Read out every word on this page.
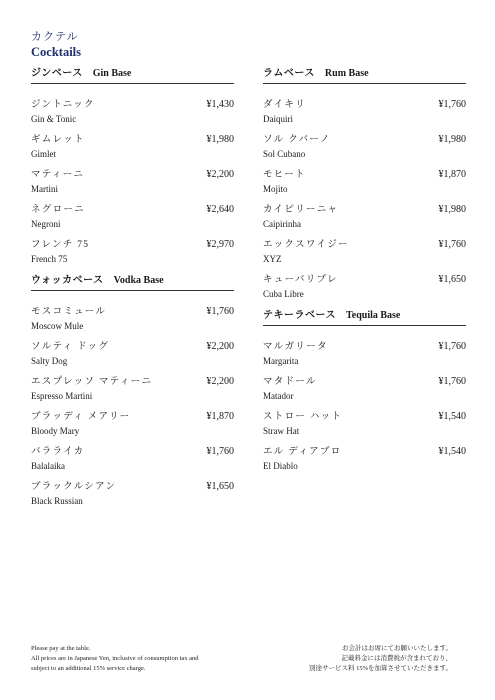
カクテル
Cocktails
ジンベース Gin Base
ジントニック
Gin & Tonic
¥1,430
ギムレット
Gimlet
¥1,980
マティーニ
Martini
¥2,200
ネグローニ
Negroni
¥2,640
フレンチ 75
French 75
¥2,970
ウォッカベース Vodka Base
モスコミュール
Moscow Mule
¥1,760
ソルティ ドッグ
Salty Dog
¥2,200
エスプレッソ マティーニ
Espresso Martini
¥2,200
ブラッディ メアリー
Bloody Mary
¥1,870
バラライカ
Balalaika
¥1,760
ブラックルシアン
Black Russian
¥1,650
ラムベース Rum Base
ダイキリ
Daiquiri
¥1,760
ソル クバーノ
Sol Cubano
¥1,980
モヒート
Mojito
¥1,870
カイピリーニャ
Caipirinha
¥1,980
エックスワイジー
XYZ
¥1,760
キューバリブレ
Cuba Libre
¥1,650
テキーラベース Tequila Base
マルガリータ
Margarita
¥1,760
マタドール
Matador
¥1,760
ストロー ハット
Straw Hat
¥1,540
エル ディアブロ
El Diablo
¥1,540
Please pay at the table.
All prices are in Japanese Yen, inclusive of consumption tax and
subject to an additional 15% service charge.
お会計はお席にてお願いいたします。
記載料金には消費税が含まれており、
別途サービス料 15%を加算させていただきます。
